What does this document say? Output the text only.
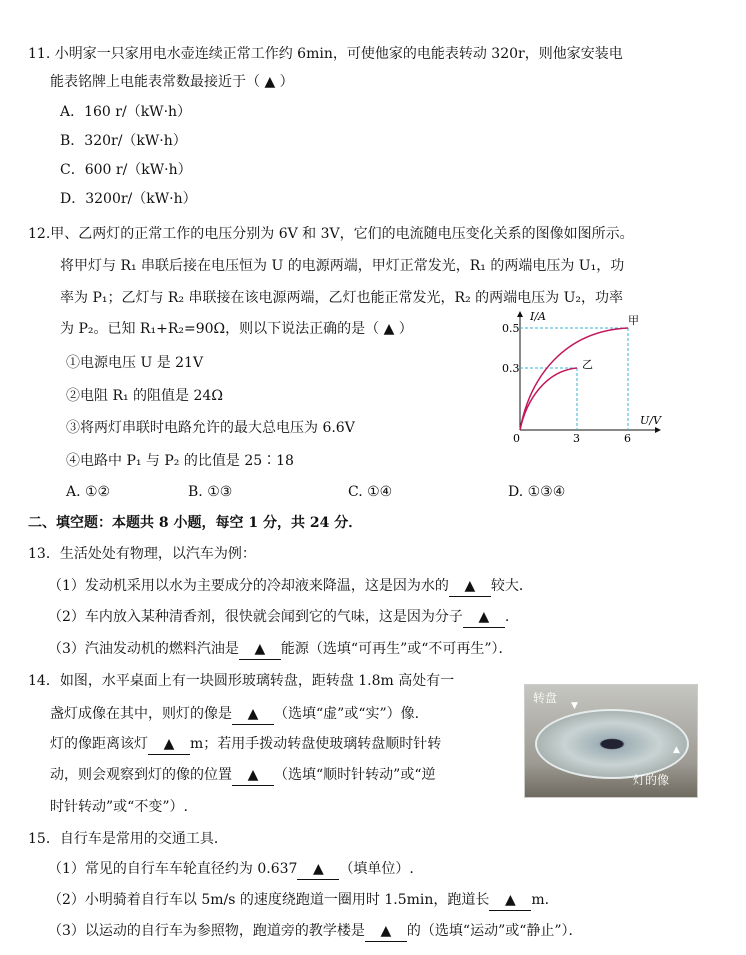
11. 小明家一只家用电水壶连续正常工作约 6min，可使他家的电能表转动 320r，则他家安装电
能表铭牌上电能表常数最接近于（ ▲ ）
A．160 r/（kW·h）
B．320r/（kW·h）
C．600 r/（kW·h）
D．3200r/（kW·h）
12.甲、乙两灯的正常工作的电压分别为 6V 和 3V，它们的电流随电压变化关系的图像如图所示。
将甲灯与 R₁ 串联后接在电压恒为 U 的电源两端，甲灯正常发光，R₁ 的两端电压为 U₁，功
率为 P₁；乙灯与 R₂ 串联接在该电源两端，乙灯也能正常发光，R₂ 的两端电压为 U₂，功率
为 P₂。已知 R₁+R₂=90Ω，则以下说法正确的是（ ▲ ）
①电源电压 U 是 21V
②电阻 R₁ 的阻值是 24Ω
③将两灯串联时电路允许的最大总电压为 6.6V
④电路中 P₁ 与 P₂ 的比值是 25∶18
A. ①②	B. ①③	C. ①④	D. ①③④
I/A
U/V
0
0.5
0.3
3	6
甲
乙
二、填空题：本题共 8 小题，每空 1 分，共 24 分．
13．生活处处有物理，以汽车为例：
（1）发动机采用以水为主要成分的冷却液来降温，这是因为水的 ▲ 较大．
（2）车内放入某种清香剂，很快就会闻到它的气味，这是因为分子 ▲ .
（3）汽油发动机的燃料汽油是 ▲ 能源（选填“可再生”或“不可再生”）．
14．如图，水平桌面上有一块圆形玻璃转盘，距转盘 1.8m 高处有一
盏灯成像在其中，则灯的像是 ▲ （选填“虚”或“实”）像.
灯的像距离该灯 ▲ m；若用手拨动转盘使玻璃转盘顺时针转
动，则会观察到灯的像的位置 ▲ （选填“顺时针转动”或“逆
时针转动”或“不变”）.
转盘
▼
灯的像
▲
15．自行车是常用的交通工具．
（1）常见的自行车车轮直径约为 0.637 ▲ （填单位）.
（2）小明骑着自行车以 5m/s 的速度绕跑道一圈用时 1.5min，跑道长 ▲ m.
（3）以运动的自行车为参照物，跑道旁的教学楼是 ▲ 的（选填“运动”或“静止”）．
